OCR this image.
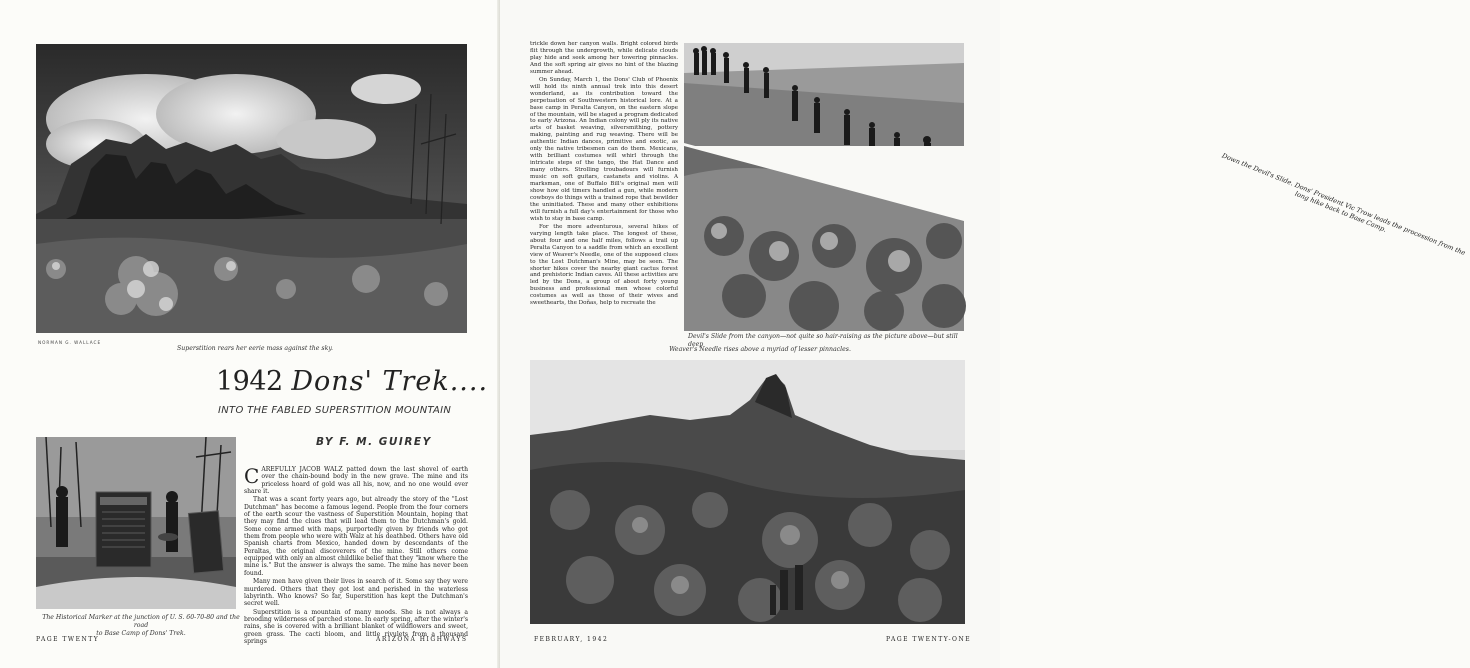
NORMAN G. WALLACE
Superstition rears her eerie mass against the sky.
1942 Dons' Trek....
INTO THE FABLED SUPERSTITION MOUNTAIN
BY F. M. GUIREY
The Historical Marker at the junction of U. S. 60-70-80 and the road
to Base Camp of Dons' Trek.

CAREFULLY JACOB WALZ patted down the last shovel of earth over the chain-bound body in the new grave. The mine and its priceless hoard of gold was all his, now, and no one would ever share it.

That was a scant forty years ago, but already the story of the "Lost Dutchman" has become a famous legend. People from the four corners of the earth scour the vastness of Superstition Mountain, hoping that they may find the clues that will lead them to the Dutchman's gold. Some come armed with maps, purportedly given by friends who got them from people who were with Walz at his deathbed. Others have old Spanish charts from Mexico, handed down by descendants of the Peraltas, the original discoverers of the mine. Still others come equipped with only an almost childlike belief that they "know where the mine is." But the answer is always the same. The mine has never been found.

Many men have given their lives in search of it. Some say they were murdered. Others that they got lost and perished in the waterless labyrinth. Who knows? So far, Superstition has kept the Dutchman's secret well.

Superstition is a mountain of many moods. She is not always a brooding wilderness of parched stone. In early spring, after the winter's rains, she is covered with a brilliant blanket of wildflowers and sweet, green grass. The cacti bloom, and little rivulets from a thousand springs

PAGE TWENTY	ARIZONA HIGHWAYS

trickle down her canyon walls. Bright colored birds flit through the undergrowth, while delicate clouds play hide and seek among her towering pinnacles. And the soft spring air gives no hint of the blazing summer ahead.

On Sunday, March 1, the Dons' Club of Phoenix will hold its ninth annual trek into this desert wonderland, as its contribution toward the perpetuation of Southwestern historical lore. At a base camp in Peralta Canyon, on the eastern slope of the mountain, will be staged a program dedicated to early Arizona. An Indian colony will ply its native arts of basket weaving, silversmithing, pottery making, painting and rug weaving. There will be authentic Indian dances, primitive and exotic, as only the native tribesmen can do them. Mexicans, with brilliant costumes will whirl through the intricate steps of the tango, the Hat Dance and many others. Strolling troubadours will furnish music on soft guitars, castanets and violins. A marksman, one of Buffalo Bill's original men will show how old timers handled a gun, while modern cowboys do things with a trained rope that bewilder the uninitiated. These and many other exhibitions will furnish a full day's entertainment for those who wish to stay in base camp.

For the more adventurous, several hikes of varying length take place. The longest of these, about four and one half miles, follows a trail up Peralta Canyon to a saddle from which an excellent view of Weaver's Needle, one of the supposed clues to the Lost Dutchman's Mine, may be seen. The shorter hikes cover the nearby giant cactus forest and prehistoric Indian caves. All these activities are led by the Dons, a group of about forty young business and professional men whose colorful costumes as well as those of their wives and sweethearts, the Doñas, help to recreate the

Down the Devil's Slide. Dons' President Vic Trow leads the procession from the long hike back to Base Camp.
Devil's Slide from the canyon—not quite so hair-raising as the picture above—but still deep
Weaver's Needle rises above a myriad of lesser pinnacles.
FEBRUARY, 1942	PAGE TWENTY-ONE
